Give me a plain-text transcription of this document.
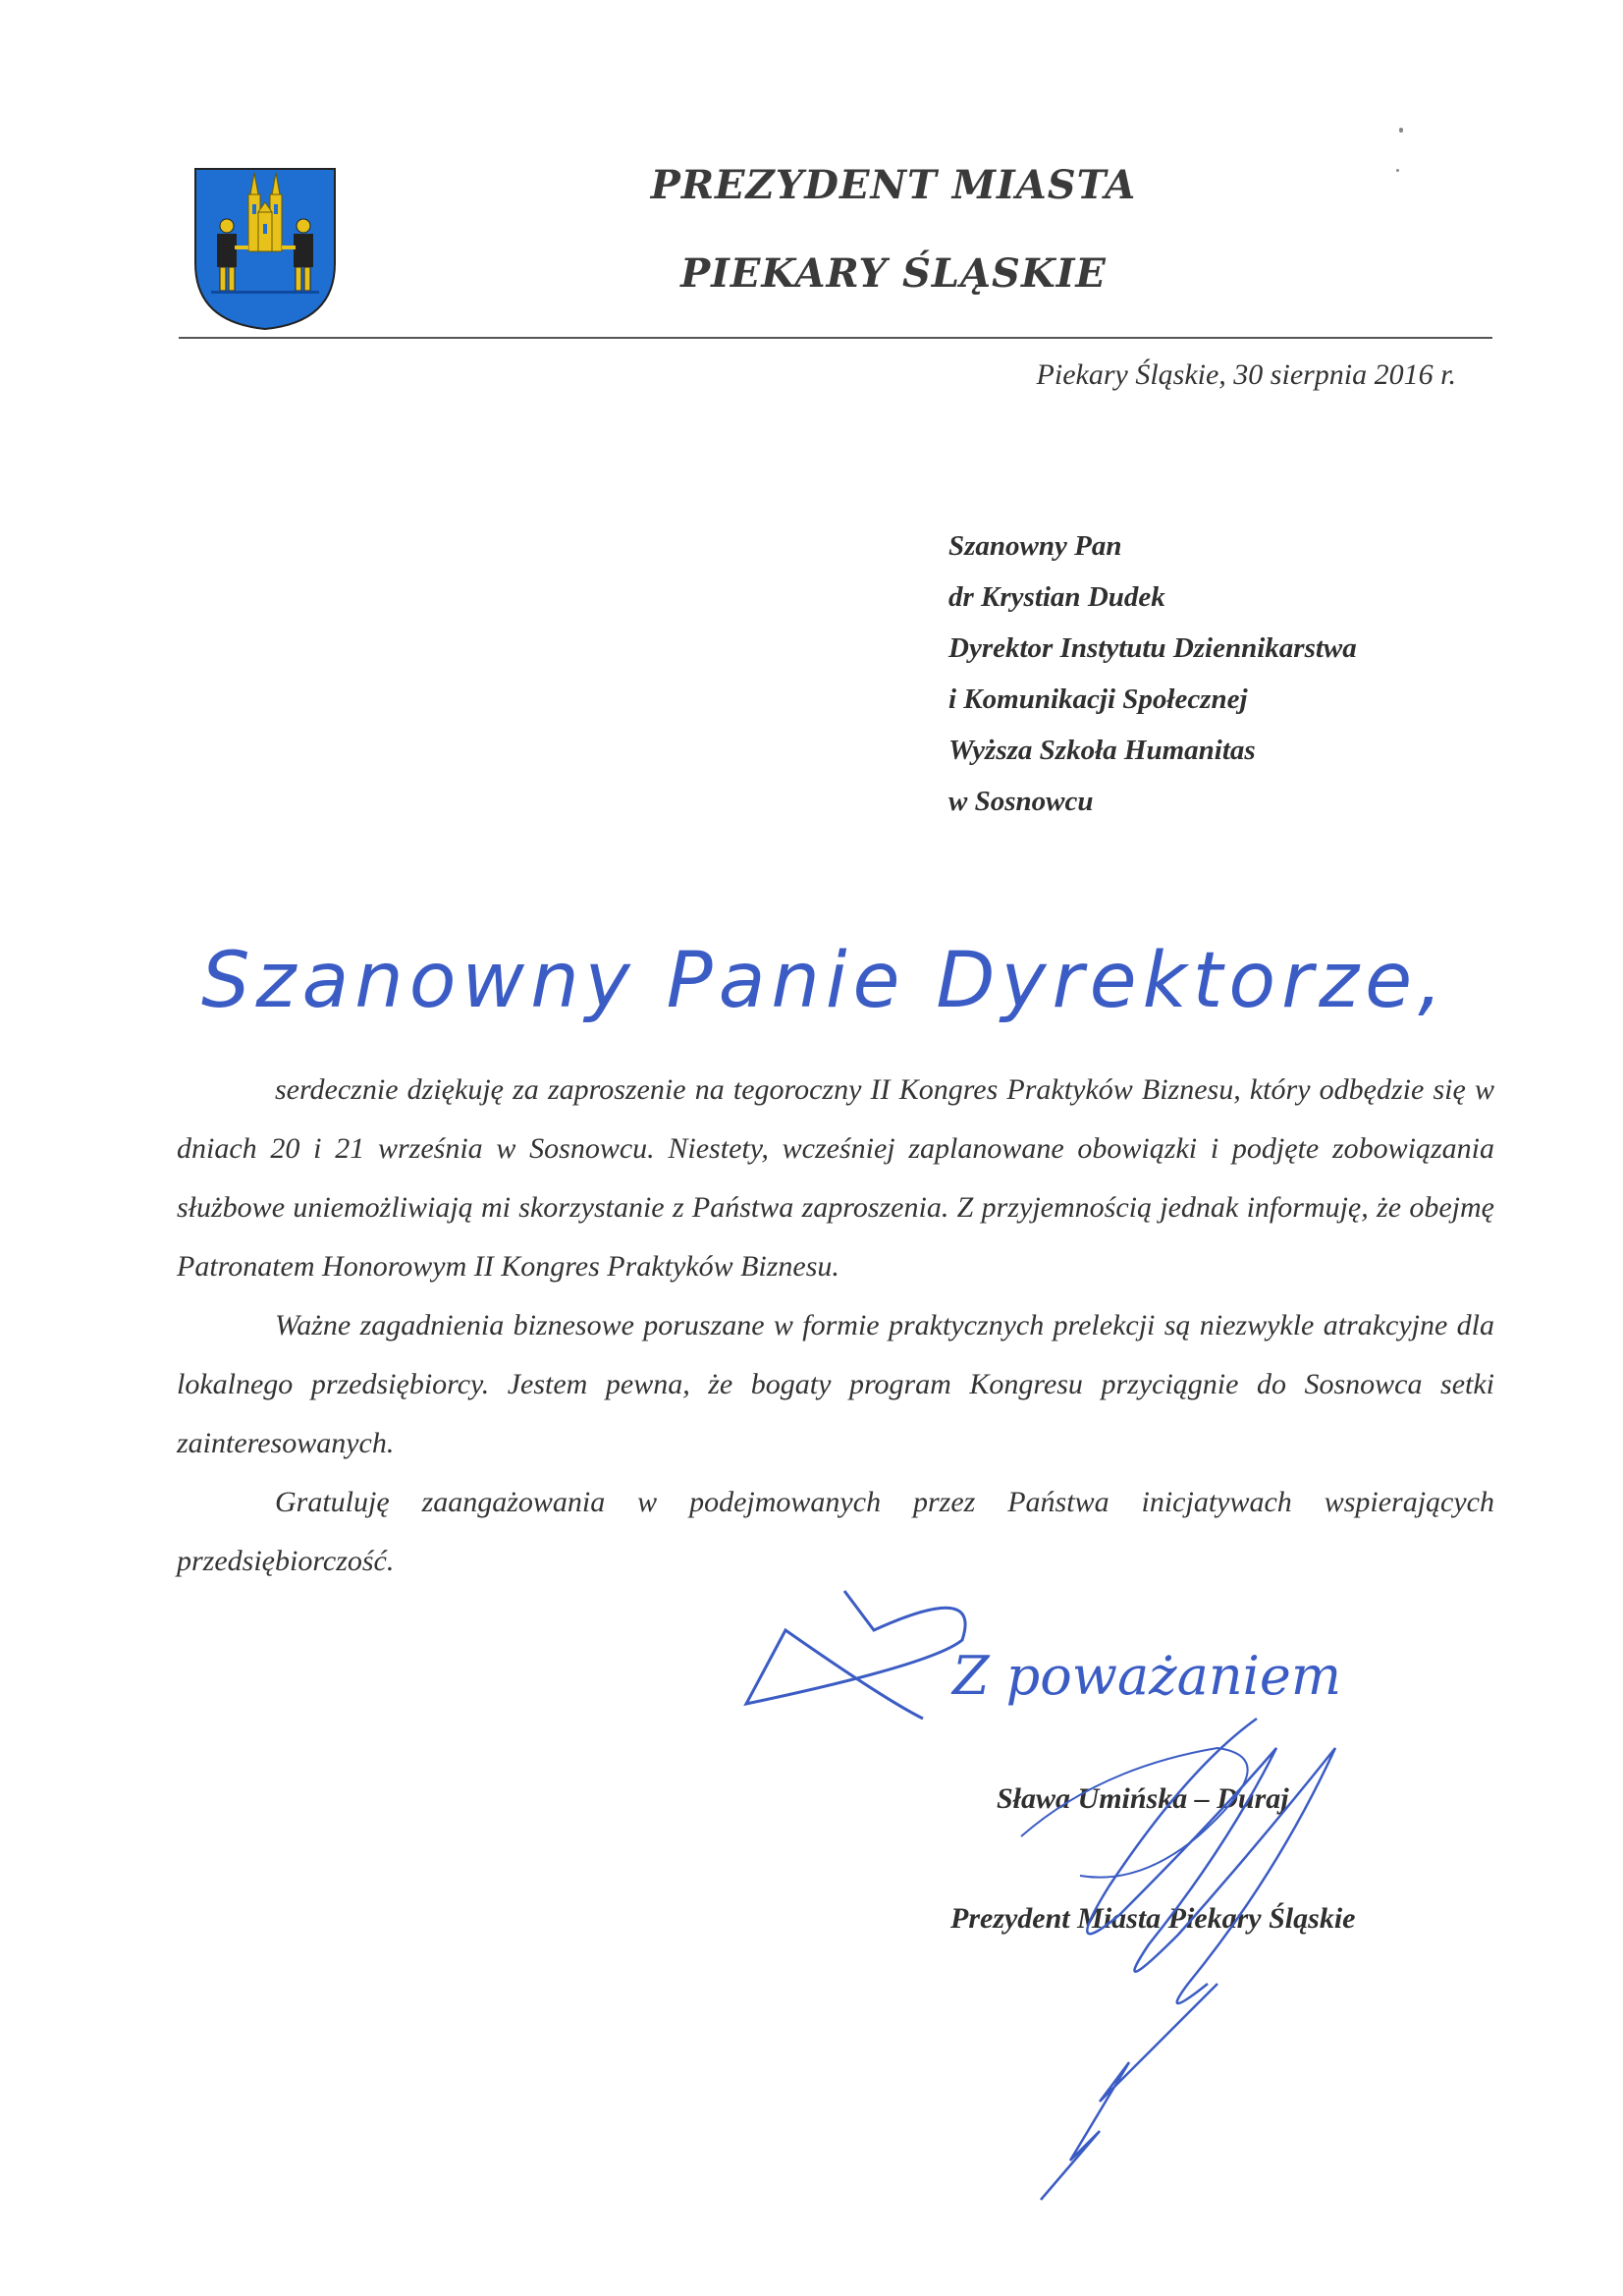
PREZYDENT MIASTA
PIEKARY ŚLĄSKIE
Piekary Śląskie, 30 sierpnia 2016 r.
Szanowny Pan
dr Krystian Dudek
Dyrektor Instytutu Dziennikarstwa
i Komunikacji Społecznej
Wyższa Szkoła Humanitas
w Sosnowcu
Szanowny Panie Dyrektorze,

serdecznie dziękuję za zaproszenie na tegoroczny II Kongres Praktyków Biznesu, który odbędzie się w dniach 20 i 21 września w Sosnowcu. Niestety, wcześniej zaplanowane obowiązki i podjęte zobowiązania służbowe uniemożliwiają mi skorzystanie z Państwa zaproszenia. Z przyjemnością jednak informuję, że obejmę Patronatem Honorowym II Kongres Praktyków Biznesu.

Ważne zagadnienia biznesowe poruszane w formie praktycznych prelekcji są niezwykle atrakcyjne dla lokalnego przedsiębiorcy. Jestem pewna, że bogaty program Kongresu przyciągnie do Sosnowca setki zainteresowanych.

Gratuluję zaangażowania w podejmowanych przez Państwa inicjatywach wspierających przedsiębiorczość.

Z poważaniem
Sława Umińska – Duraj
Prezydent Miasta Piekary Śląskie
